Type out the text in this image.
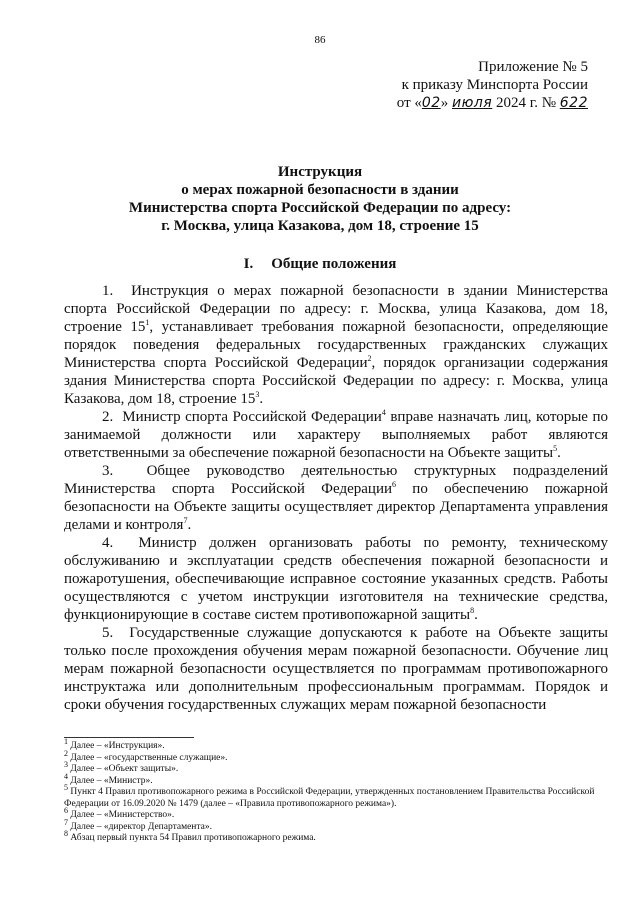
86
Приложение № 5
к приказу Минспорта России
от «02» июля 2024 г. № 622
Инструкция
о мерах пожарной безопасности в здании
Министерства спорта Российской Федерации по адресу:
г. Москва, улица Казакова, дом 18, строение 15
I. Общие положения

1.  Инструкция о мерах пожарной безопасности в здании Министерства спорта Российской Федерации по адресу: г. Москва, улица Казакова, дом 18, строение $15^1$, устанавливает требования пожарной безопасности, определяющие порядок поведения федеральных государственных гражданских служащих Министерства спорта Российской Федерации$^2$, порядок организации содержания здания Министерства спорта Российской Федерации по адресу: г. Москва, улица Казакова, дом 18, строение $15^3$.

2.  Министр спорта Российской Федерации$^4$ вправе назначать лиц, которые по занимаемой должности или характеру выполняемых работ являются ответственными за обеспечение пожарной безопасности на Объекте защиты$^5$.

3.  Общее руководство деятельностью структурных подразделений Министерства спорта Российской Федерации$^6$ по обеспечению пожарной безопасности на Объекте защиты осуществляет директор Департамента управления делами и контроля$^7$.

4.  Министр должен организовать работы по ремонту, техническому обслуживанию и эксплуатации средств обеспечения пожарной безопасности и пожаротушения, обеспечивающие исправное состояние указанных средств. Работы осуществляются с учетом инструкции изготовителя на технические средства, функционирующие в составе систем противопожарной защиты$^8$.

5.  Государственные служащие допускаются к работе на Объекте защиты только после прохождения обучения мерам пожарной безопасности. Обучение лиц мерам пожарной безопасности осуществляется по программам противопожарного инструктажа или дополнительным профессиональным программам. Порядок и сроки обучения государственных служащих мерам пожарной безопасности

$^1$ Далее – «Инструкция».
$^2$ Далее – «государственные служащие».
$^3$ Далее – «Объект защиты».
$^4$ Далее – «Министр».
$^5$ Пункт 4 Правил противопожарного режима в Российской Федерации, утвержденных постановлением Правительства Российской Федерации от 16.09.2020 № 1479 (далее – «Правила противопожарного режима»).
$^6$ Далее – «Министерство».
$^7$ Далее – «директор Департамента».
$^8$ Абзац первый пункта 54 Правил противопожарного режима.
